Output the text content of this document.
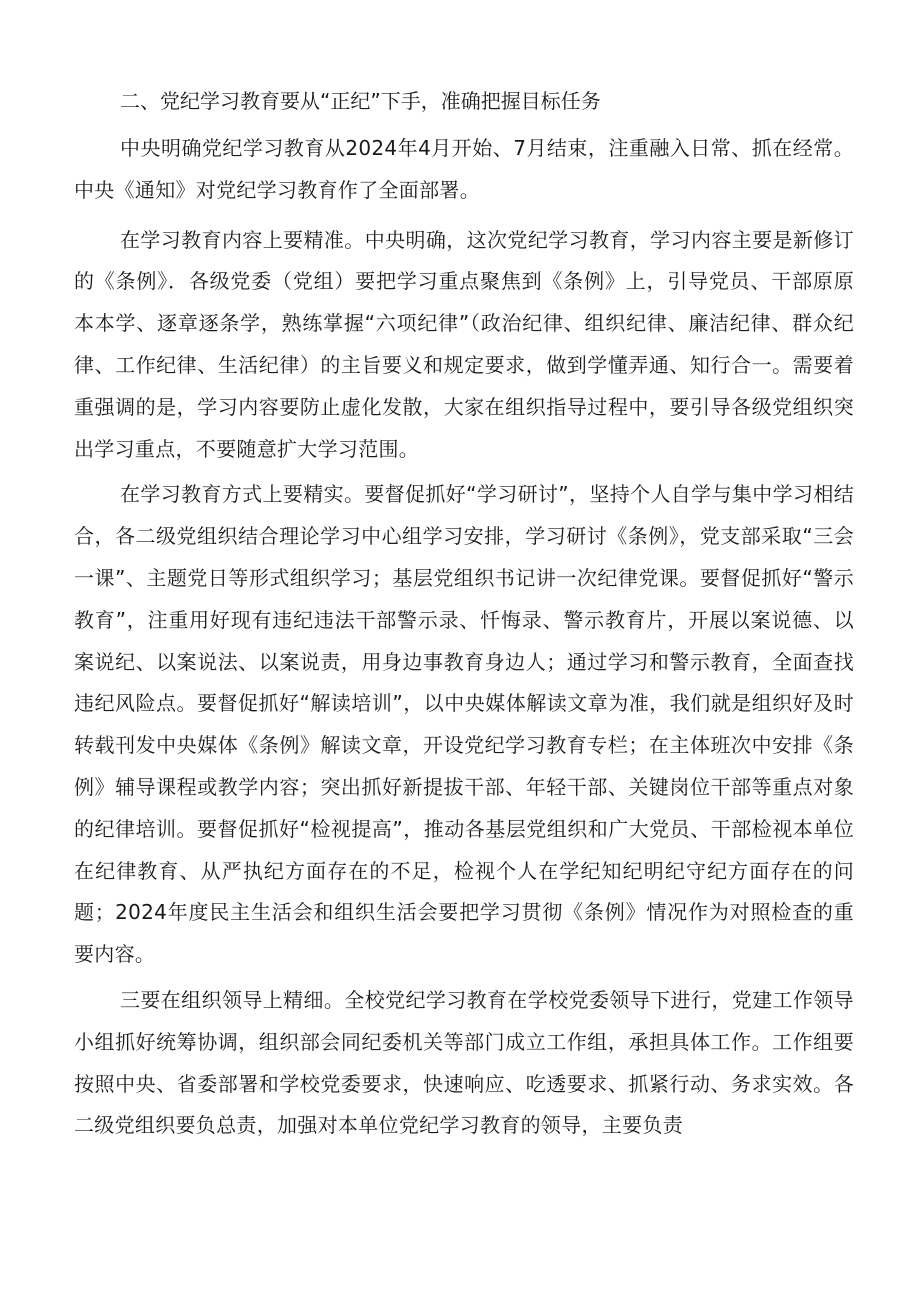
二、党纪学习教育要从“正纪”下手，准确把握目标任务

中央明确党纪学习教育从2024年4月开始、7月结束，注重融入日常、抓在经常。中央《通知》对党纪学习教育作了全面部署。

在学习教育内容上要精准。中央明确，这次党纪学习教育，学习内容主要是新修订的《条例》．各级党委（党组）要把学习重点聚焦到《条例》上，引导党员、干部原原本本学、逐章逐条学，熟练掌握“六项纪律”（政治纪律、组织纪律、廉洁纪律、群众纪律、工作纪律、生活纪律）的主旨要义和规定要求，做到学懂弄通、知行合一。需要着重强调的是，学习内容要防止虚化发散，大家在组织指导过程中，要引导各级党组织突出学习重点，不要随意扩大学习范围。

在学习教育方式上要精实。要督促抓好“学习研讨”，坚持个人自学与集中学习相结合，各二级党组织结合理论学习中心组学习安排，学习研讨《条例》，党支部采取“三会一课”、主题党日等形式组织学习；基层党组织书记讲一次纪律党课。要督促抓好“警示教育”，注重用好现有违纪违法干部警示录、忏悔录、警示教育片，开展以案说德、以案说纪、以案说法、以案说责，用身边事教育身边人；通过学习和警示教育，全面查找违纪风险点。要督促抓好“解读培训”，以中央媒体解读文章为准，我们就是组织好及时转载刊发中央媒体《条例》解读文章，开设党纪学习教育专栏；在主体班次中安排《条例》辅导课程或教学内容；突出抓好新提拔干部、年轻干部、关键岗位干部等重点对象的纪律培训。要督促抓好“检视提高”，推动各基层党组织和广大党员、干部检视本单位在纪律教育、从严执纪方面存在的不足，检视个人在学纪知纪明纪守纪方面存在的问题；2024年度民主生活会和组织生活会要把学习贯彻《条例》情况作为对照检查的重要内容。

三要在组织领导上精细。全校党纪学习教育在学校党委领导下进行，党建工作领导小组抓好统筹协调，组织部会同纪委机关等部门成立工作组，承担具体工作。工作组要按照中央、省委部署和学校党委要求，快速响应、吃透要求、抓紧行动、务求实效。各二级党组织要负总责，加强对本单位党纪学习教育的领导，主要负责
